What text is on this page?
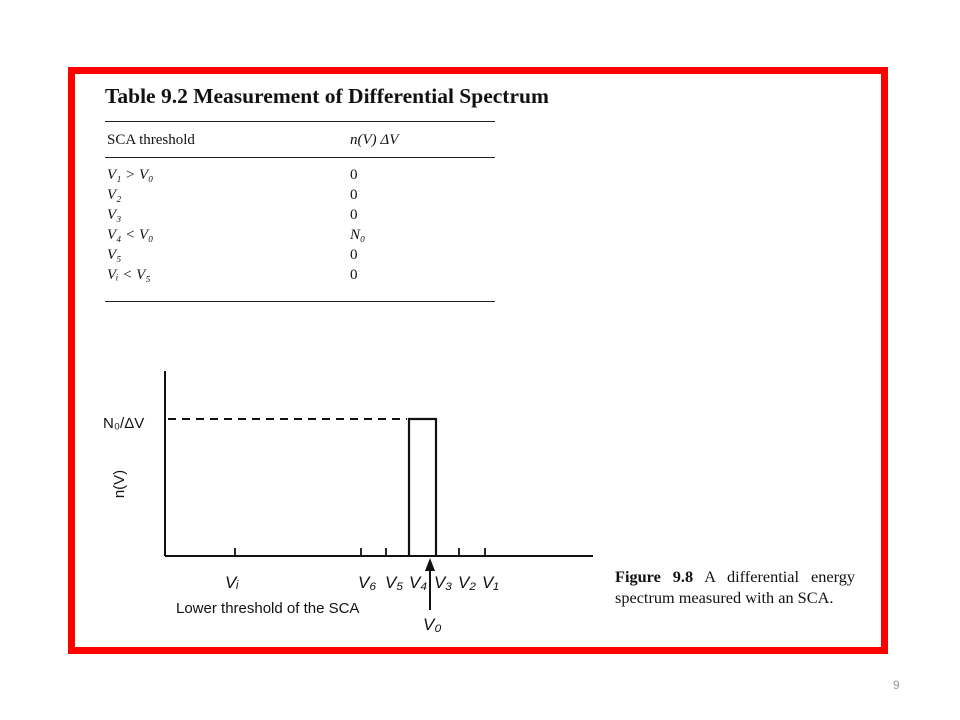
Table 9.2 Measurement of Differential Spectrum
SCA threshold	n(V) ΔV
V₁ > V₀	0
V₂	0
V₃	0
V₄ < V₀	N₀
V₅	0
Vᵢ < V₅	0
N₀/ΔV
n(V)
Vᵢ	V₆ V₅ V₄ V₃ V₂ V₁
Lower threshold of the SCA
V₀
Figure 9.8 A differential energy spectrum measured with an SCA.
9
